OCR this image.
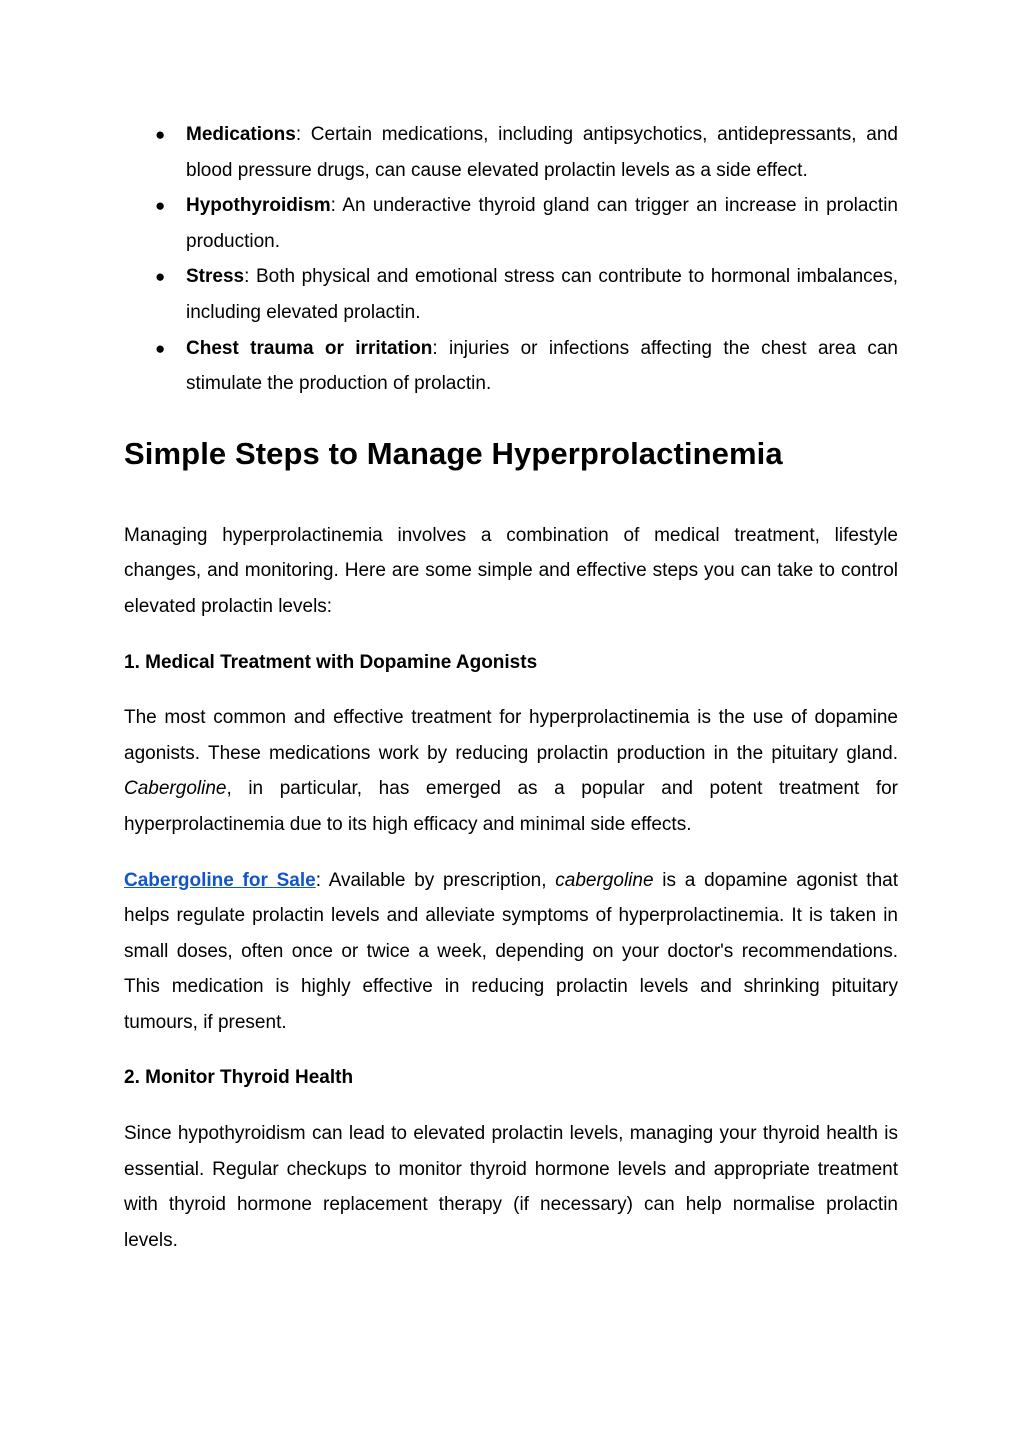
● Medications: Certain medications, including antipsychotics, antidepressants, and blood pressure drugs, can cause elevated prolactin levels as a side effect.
● Hypothyroidism: An underactive thyroid gland can trigger an increase in prolactin production.
● Stress: Both physical and emotional stress can contribute to hormonal imbalances, including elevated prolactin.
● Chest trauma or irritation: injuries or infections affecting the chest area can stimulate the production of prolactin.
Simple Steps to Manage Hyperprolactinemia

Managing hyperprolactinemia involves a combination of medical treatment, lifestyle changes, and monitoring. Here are some simple and effective steps you can take to control elevated prolactin levels:

1. Medical Treatment with Dopamine Agonists

The most common and effective treatment for hyperprolactinemia is the use of dopamine agonists. These medications work by reducing prolactin production in the pituitary gland. Cabergoline, in particular, has emerged as a popular and potent treatment for hyperprolactinemia due to its high efficacy and minimal side effects.

Cabergoline for Sale: Available by prescription, cabergoline is a dopamine agonist that helps regulate prolactin levels and alleviate symptoms of hyperprolactinemia. It is taken in small doses, often once or twice a week, depending on your doctor's recommendations. This medication is highly effective in reducing prolactin levels and shrinking pituitary tumours, if present.

2. Monitor Thyroid Health

Since hypothyroidism can lead to elevated prolactin levels, managing your thyroid health is essential. Regular checkups to monitor thyroid hormone levels and appropriate treatment with thyroid hormone replacement therapy (if necessary) can help normalise prolactin levels.
